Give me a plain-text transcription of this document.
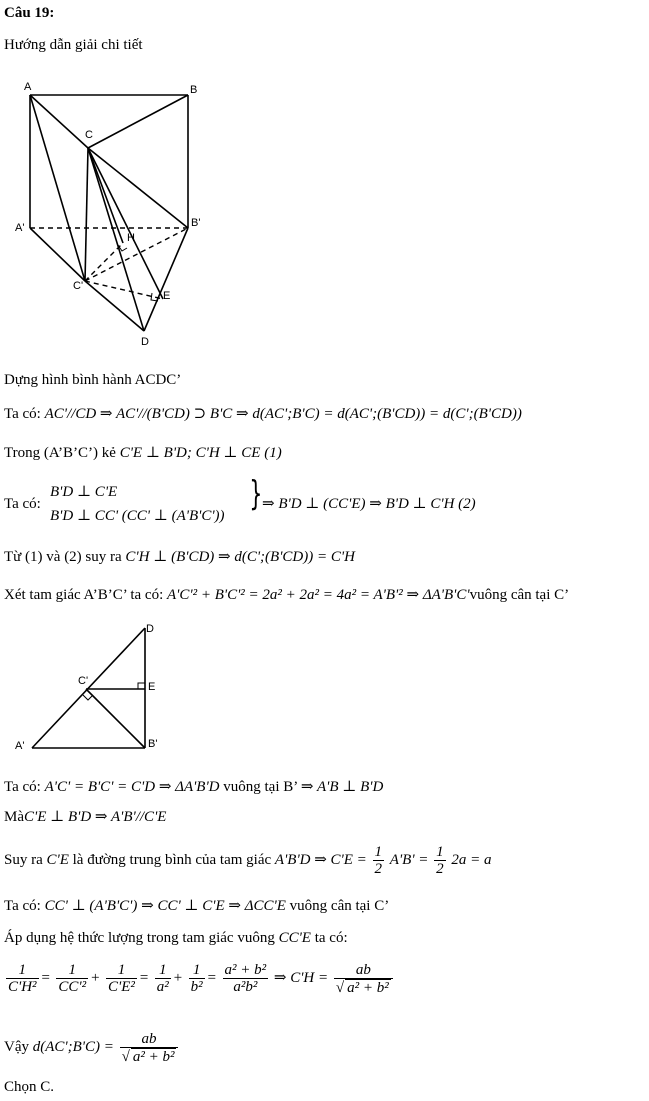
Câu 19:
Hướng dẫn giải chi tiết
A	B
C
A'	B'
C'
H
E
D
Dựng hình bình hành ACDC’
Ta có: AC'//CD ⇒ AC'//(B'CD) ⊃ B'C ⇒ d(AC';B'C) = d(AC';(B'CD)) = d(C';(B'CD))
Trong (A’B’C’) kẻ C'E ⊥ B'D; C'H ⊥ CE (1)
Ta có:
B'D ⊥ C'E
B'D ⊥ CC' (CC' ⊥ (A'B'C'))
} ⇒ B'D ⊥ (CC'E) ⇒ B'D ⊥ C'H (2)
Từ (1) và (2) suy ra C'H ⊥ (B'CD) ⇒ d(C';(B'CD)) = C'H
Xét tam giác A’B’C’ ta có: A'C'² + B'C'² = 2a² + 2a² = 4a² = A'B'² ⇒ ΔA'B'C'vuông cân tại C’
D
C'	E
A'	B'
Ta có: A'C' = B'C' = C'D ⇒ ΔA'B'D vuông tại B’ ⇒ A'B ⊥ B'D
MàC'E ⊥ B'D ⇒ A'B'//C'E
Suy ra C'E là đường trung bình của tam giác A'B'D ⇒ $C'E = \frac{1}{2} A'B' = \frac{1}{2} 2a = a$
Ta có: CC' ⊥ (A'B'C') ⇒ CC' ⊥ C'E ⇒ ΔCC'E vuông cân tại C’
Áp dụng hệ thức lượng trong tam giác vuông CC'E ta có:
$\frac{1}{\text{C'H²}} = \frac{1}{\text{CC'²}} + \frac{1}{\text{C'E²}} = \frac{1}{\text{a²}} + \frac{1}{\text{b²}} = \frac{\text{a² + b²}}{\text{a²b²}}$ ⇒ $C'H = \frac{ab}{\text{√ a² + b²}}$
Vậy d(AC';B'C) = $\frac{ab}{\text{√ a² + b²}}$
Chọn C.
